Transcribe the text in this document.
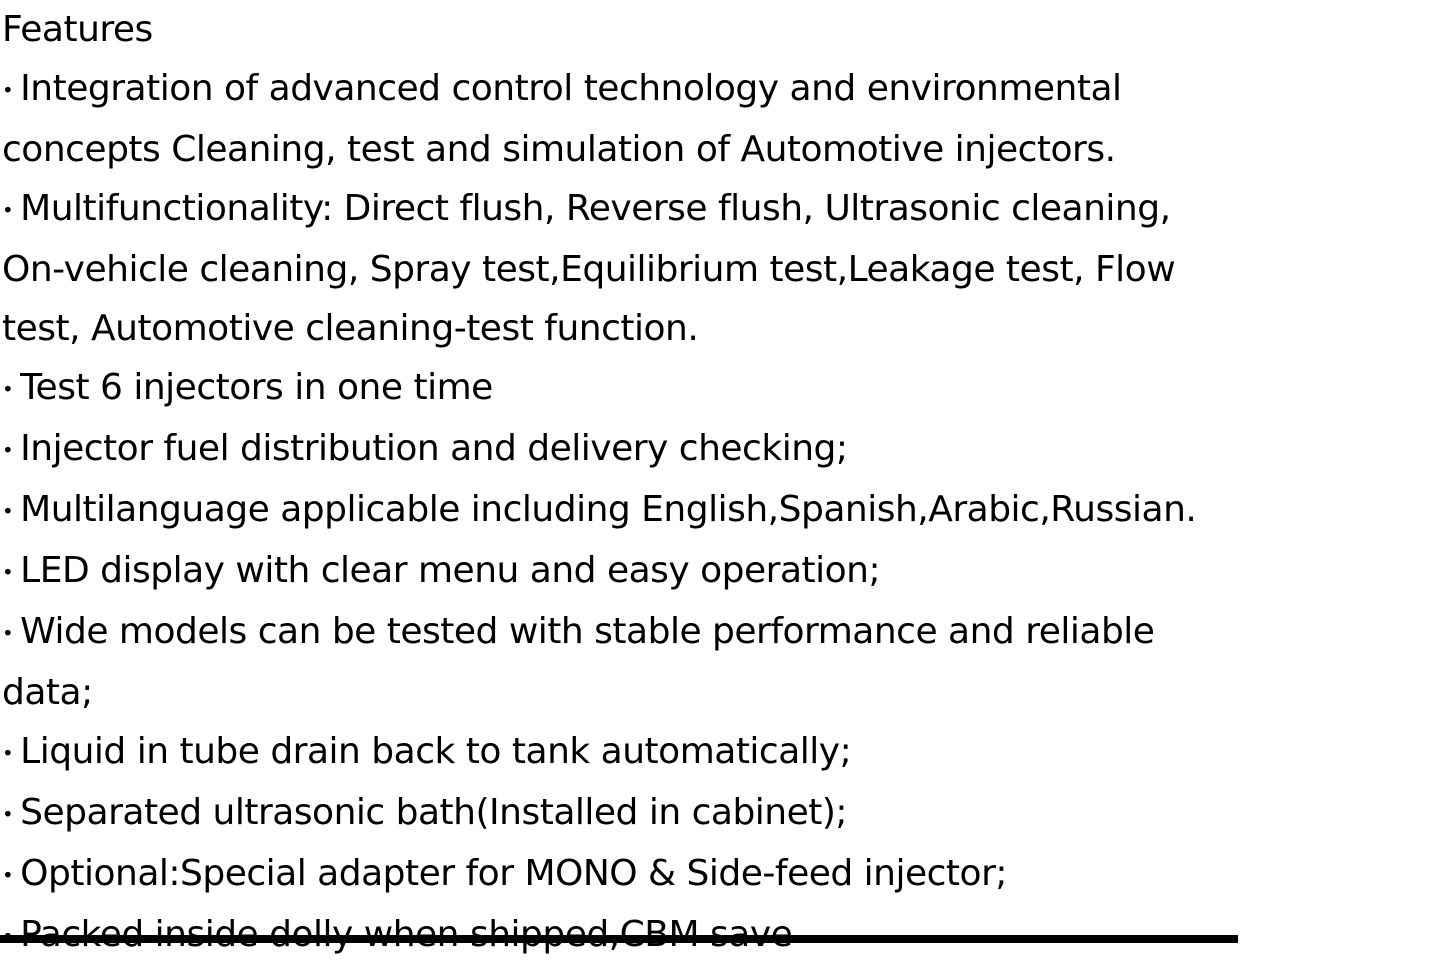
Features
• Integration of advanced control technology and environmental
concepts Cleaning, test and simulation of Automotive injectors.
• Multifunctionality: Direct flush, Reverse flush, Ultrasonic cleaning,
On-vehicle cleaning, Spray test,Equilibrium test,Leakage test, Flow
test, Automotive cleaning-test function.
• Test 6 injectors in one time
• Injector fuel distribution and delivery checking;
• Multilanguage applicable including English,Spanish,Arabic,Russian.
• LED display with clear menu and easy operation;
• Wide models can be tested with stable performance and reliable
data;
• Liquid in tube drain back to tank automatically;
• Separated ultrasonic bath(Installed in cabinet);
• Optional:Special adapter for MONO & Side-feed injector;
